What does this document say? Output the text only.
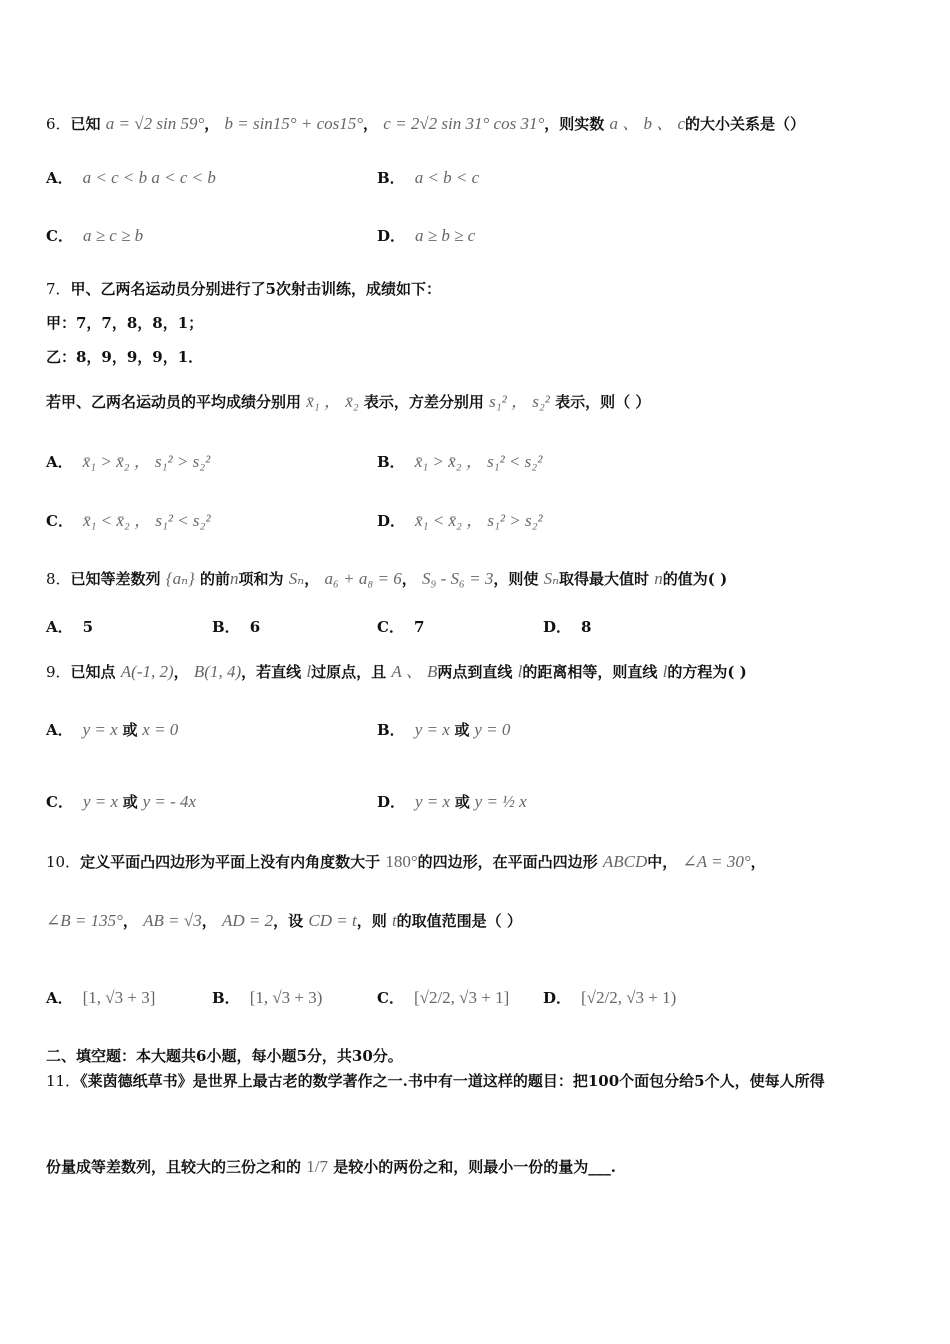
6．已知 a = √2 sin 59°， b = sin15° + cos15°， c = 2√2 sin 31° cos 31°，则实数 a 、 b 、 c的大小关系是（）
A． a < c < b a < c < b	B． a < b < c
C． a ≥ c ≥ b	D． a ≥ b ≥ c
7．甲、乙两名运动员分别进行了5次射击训练，成绩如下：
甲：7，7，8，8，1；
乙：8，9，9，9，1．
若甲、乙两名运动员的平均成绩分别用 x̄₁ ， x̄₂ 表示，方差分别用 s₁² ， s₂² 表示，则（ ）
A． x̄₁ > x̄₂ ， s₁² > s₂²	B． x̄₁ > x̄₂ ， s₁² < s₂²
C． x̄₁ < x̄₂ ， s₁² < s₂²	D． x̄₁ < x̄₂ ， s₁² > s₂²
8．已知等差数列 {aₙ} 的前n项和为 Sₙ， a₆ + a₈ = 6， S₉ - S₆ = 3，则使 Sₙ取得最大值时 n的值为( )
A． 5	B． 6	C． 7	D． 8
9．已知点 A(-1, 2)， B(1, 4)，若直线 l过原点，且 A 、 B两点到直线 l的距离相等，则直线 l的方程为( )
A． y = x 或 x = 0	B． y = x 或 y = 0
C． y = x 或 y = - 4x	D． y = x 或 y = ½ x
10．定义平面凸四边形为平面上没有内角度数大于 180°的四边形，在平面凸四边形 ABCD中， ∠A = 30°，
∠B = 135°， AB = √3， AD = 2，设 CD = t，则 t的取值范围是（ ）
A． [1, √3 + 3]	B． [1, √3 + 3)	C． [√2/2, √3 + 1] D． [√2/2, √3 + 1)
二、填空题：本大题共6小题，每小题5分，共30分。
11．《莱茵德纸草书》是世界上最古老的数学著作之一.书中有一道这样的题目：把100个面包分给5个人，使每人所得
份量成等差数列，且较大的三份之和的 1/7 是较小的两份之和，则最小一份的量为___.
